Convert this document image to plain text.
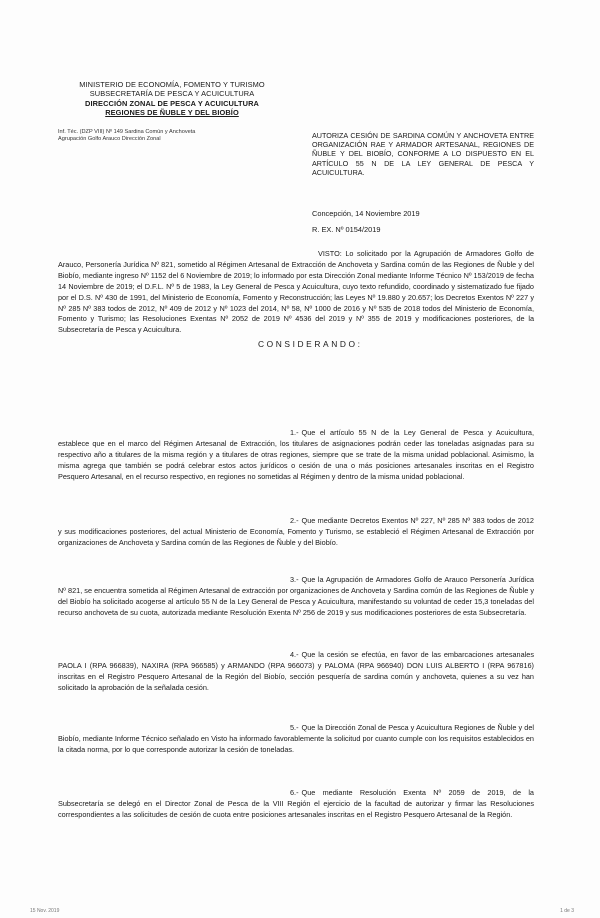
MINISTERIO DE ECONOMÍA, FOMENTO Y TURISMO
SUBSECRETARÍA DE PESCA Y ACUICULTURA
DIRECCIÓN ZONAL DE PESCA Y ACUICULTURA
REGIONES DE ÑUBLE Y DEL BIOBÍO
Inf. Téc. (DZP VIII) Nº 149 Sardina Común y Anchoveta
Agrupación Golfo Arauco Dirección Zonal	AUTORIZA CESIÓN DE SARDINA COMÚN Y ANCHOVETA ENTRE ORGANIZACIÓN RAE Y ARMADOR ARTESANAL, REGIONES DE ÑUBLE Y DEL BIOBÍO, CONFORME A LO DISPUESTO EN EL ARTÍCULO 55 N DE LA LEY GENERAL DE PESCA Y ACUICULTURA.
Concepción, 14 Noviembre 2019
R. EX. Nº 0154/2019
VISTO: Lo solicitado por la Agrupación de Armadores Golfo de Arauco, Personería Jurídica Nº 821, sometido al Régimen Artesanal de Extracción de Anchoveta y Sardina común de las Regiones de Ñuble y del Biobío, mediante ingreso Nº 1152 del 6 Noviembre de 2019; lo informado por esta Dirección Zonal mediante Informe Técnico Nº 153/2019 de fecha 14 Noviembre de 2019; el D.F.L. Nº 5 de 1983, la Ley General de Pesca y Acuicultura, cuyo texto refundido, coordinado y sistematizado fue fijado por el D.S. Nº 430 de 1991, del Ministerio de Economía, Fomento y Reconstrucción; las Leyes Nº 19.880 y 20.657; los Decretos Exentos Nº 227 y Nº 285 Nº 383 todos de 2012, Nº 409 de 2012 y Nº 1023 del 2014, Nº 58, Nº 1000 de 2016 y Nº 535 de 2018 todos del Ministerio de Economía, Fomento y Turismo; las Resoluciones Exentas Nº 2052 de 2019 Nº 4536 del 2019 y Nº 355 de 2019 y modificaciones posteriores, de la Subsecretaría de Pesca y Acuicultura.
CONSIDERANDO:
1.- Que el artículo 55 N de la Ley General de Pesca y Acuicultura, establece que en el marco del Régimen Artesanal de Extracción, los titulares de asignaciones podrán ceder las toneladas asignadas para su respectivo año a titulares de la misma región y a titulares de otras regiones, siempre que se trate de la misma unidad poblacional. Asimismo, la misma agrega que también se podrá celebrar estos actos jurídicos o cesión de una o más posiciones artesanales inscritas en el Registro Pesquero Artesanal, en el recurso respectivo, en regiones no sometidas al Régimen y dentro de la misma unidad poblacional.
2.- Que mediante Decretos Exentos Nº 227, Nº 285 Nº 383 todos de 2012 y sus modificaciones posteriores, del actual Ministerio de Economía, Fomento y Turismo, se estableció el Régimen Artesanal de Extracción por organizaciones de Anchoveta y Sardina común de las Regiones de Ñuble y del Biobío.
3.- Que la Agrupación de Armadores Golfo de Arauco Personería Jurídica Nº 821, se encuentra sometida al Régimen Artesanal de extracción por organizaciones de Anchoveta y Sardina común de las Regiones de Ñuble y del Biobío ha solicitado acogerse al artículo 55 N de la Ley General de Pesca y Acuicultura, manifestando su voluntad de ceder 15,3 toneladas del recurso anchoveta de su cuota, autorizada mediante Resolución Exenta Nº 256 de 2019 y sus modificaciones posteriores de esta Subsecretaría.
4.- Que la cesión se efectúa, en favor de las embarcaciones artesanales PAOLA I (RPA 966839), NAXIRA (RPA 966585) y ARMANDO (RPA 966073) y PALOMA (RPA 966940) DON LUIS ALBERTO I (RPA 967816) inscritas en el Registro Pesquero Artesanal de la Región del Biobío, sección pesquería de sardina común y anchoveta, quienes a su vez han solicitado la aprobación de la señalada cesión.
5.- Que la Dirección Zonal de Pesca y Acuicultura Regiones de Ñuble y del Biobío, mediante Informe Técnico señalado en Visto ha informado favorablemente la solicitud por cuanto cumple con los requisitos establecidos en la citada norma, por lo que corresponde autorizar la cesión de toneladas.
6.- Que mediante Resolución Exenta Nº 2059 de 2019, de la Subsecretaría se delegó en el Director Zonal de Pesca de la VIII Región el ejercicio de la facultad de autorizar y firmar las Resoluciones correspondientes a las solicitudes de cesión de cuota entre posiciones artesanales inscritas en el Registro Pesquero Artesanal de la Región.
15 Nov. 2019	1 de 3
